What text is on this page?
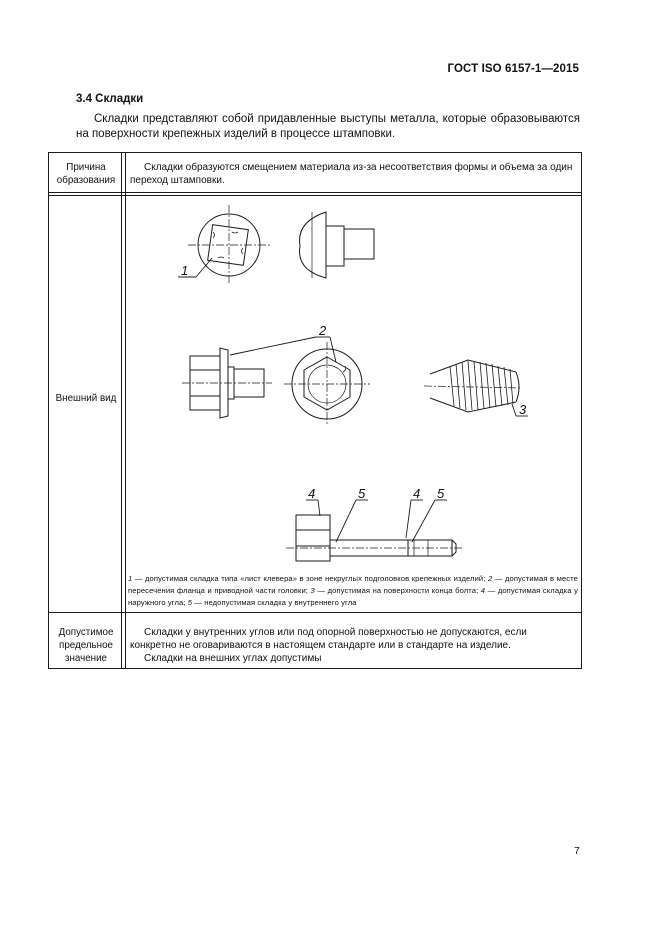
ГОСТ ISO 6157-1—2015
3.4 Складки
Складки представляют собой придавленные выступы металла, которые образовываются на поверхности крепежных изделий в процессе штамповки.
Причина образования

Складки образуются смещением материала из-за несоответствия формы и объема за один переход штамповки.

Внешний вид
1
2
3
4	5	4 5
1 — допустимая складка типа «лист клевера» в зоне некруглых подголовков крепежных изделий; 2 — допустимая в месте пересечения фланца и приводной части головки; 3 — допустимая на поверхности конца болта; 4 — допустимая складка у наружного угла; 5 — недопустимая складка у внутреннего угла
Допустимое предельное значение

Складки у внутренних углов или под опорной поверхностью не допускаются, если конкретно не оговариваются в настоящем стандарте или в стандарте на изделие.

Складки на внешних углах допустимы

7
